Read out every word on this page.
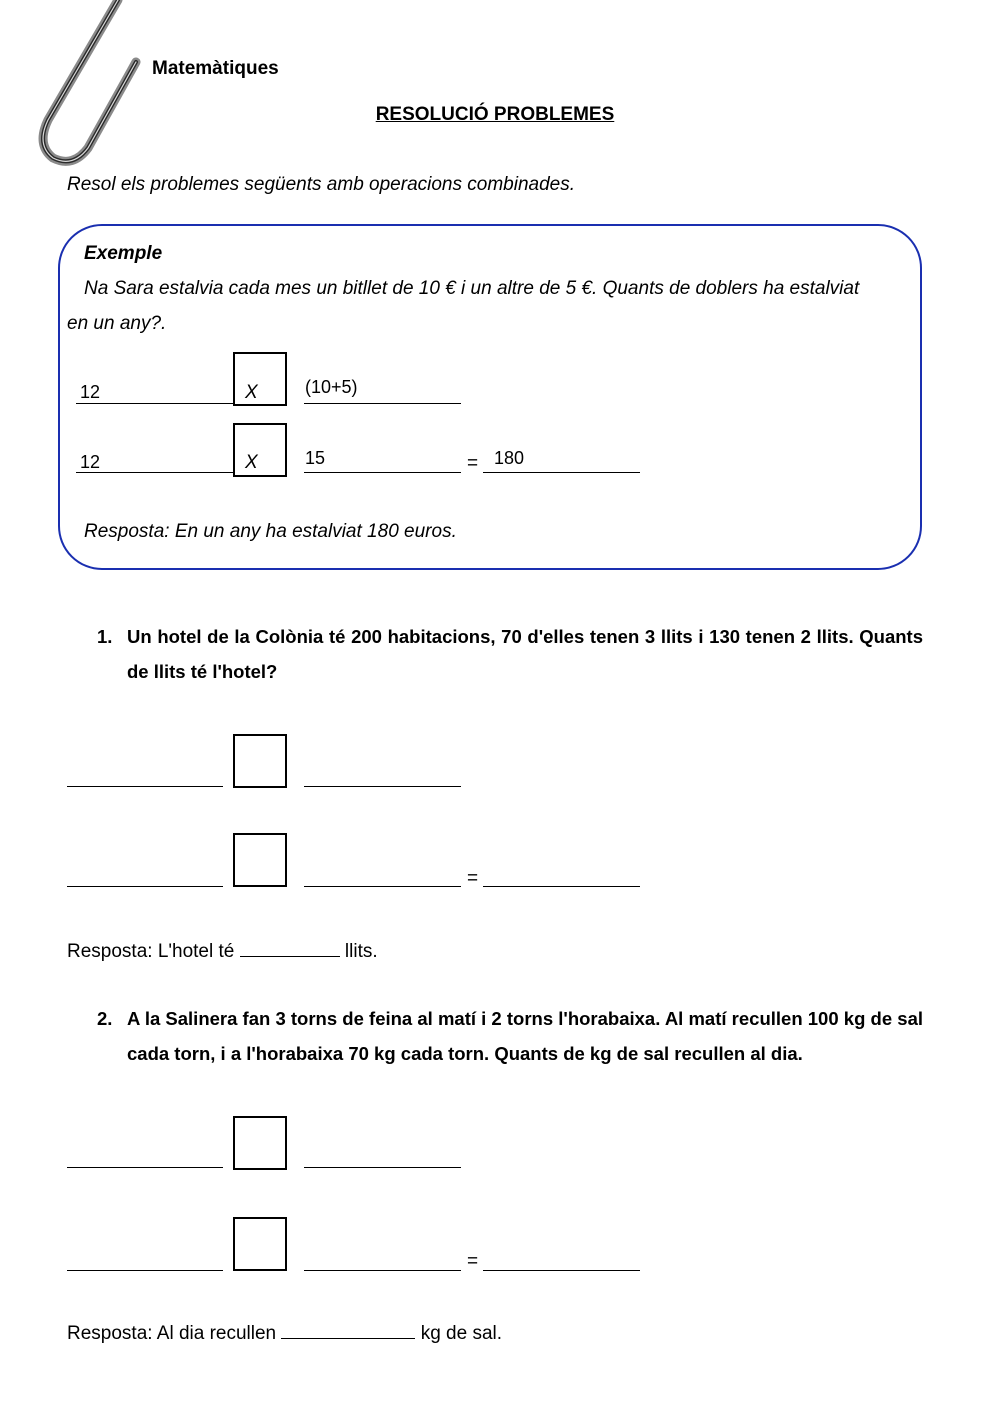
Matemàtiques
RESOLUCIÓ PROBLEMES
Resol els problemes següents amb operacions combinades.
Exemple
Na Sara estalvia cada mes un bitllet de 10 € i un altre de 5 €. Quants de doblers ha estalviat
en un any?.
12	X	(10+5)
12	X	15	= 180
Resposta: En un any ha estalviat 180 euros.
1. Un hotel de la Colònia té 200 habitacions, 70 d'elles tenen 3 llits i 130 tenen 2 llits. Quants de llits té l'hotel?
=
Resposta: L'hotel té	llits.
2. A la Salinera fan 3 torns de feina al matí i 2 torns l'horabaixa. Al matí recullen 100 kg de sal cada torn, i a l'horabaixa 70 kg cada torn. Quants de kg de sal recullen al dia.
=
Resposta: Al dia recullen	kg de sal.
